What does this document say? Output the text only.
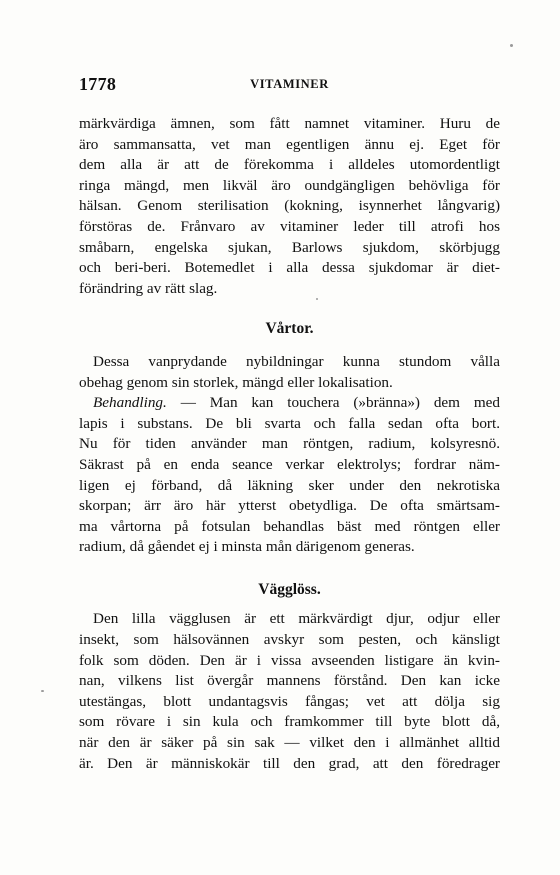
1778	VITAMINER
märkvärdiga ämnen, som fått namnet vitaminer. Huru de
äro sammansatta, vet man egentligen ännu ej. Eget för
dem alla är att de förekomma i alldeles utomordentligt
ringa mängd, men likväl äro oundgängligen behövliga för
hälsan. Genom sterilisation (kokning, isynnerhet långvarig)
förstöras de. Frånvaro av vitaminer leder till atrofi hos
småbarn, engelska sjukan, Barlows sjukdom, skörbjugg
och beri-beri. Botemedlet i alla dessa sjukdomar är diet-
förändring av rätt slag.
Vårtor.
Dessa vanprydande nybildningar kunna stundom vålla
obehag genom sin storlek, mängd eller lokalisation.
Behandling. — Man kan touchera (»bränna») dem med
lapis i substans. De bli svarta och falla sedan ofta bort.
Nu för tiden använder man röntgen, radium, kolsyresnö.
Säkrast på en enda seance verkar elektrolys; fordrar näm-
ligen ej förband, då läkning sker under den nekrotiska
skorpan; ärr äro här ytterst obetydliga. De ofta smärtsam-
ma vårtorna på fotsulan behandlas bäst med röntgen eller
radium, då gåendet ej i minsta mån därigenom generas.
Vägglöss.
Den lilla vägglusen är ett märkvärdigt djur, odjur eller
insekt, som hälsovännen avskyr som pesten, och känsligt
folk som döden. Den är i vissa avseenden listigare än kvin-
nan, vilkens list övergår mannens förstånd. Den kan icke
utestängas, blott undantagsvis fångas; vet att dölja sig
som rövare i sin kula och framkommer till byte blott då,
när den är säker på sin sak — vilket den i allmänhet alltid
är. Den är människokär till den grad, att den föredrager
